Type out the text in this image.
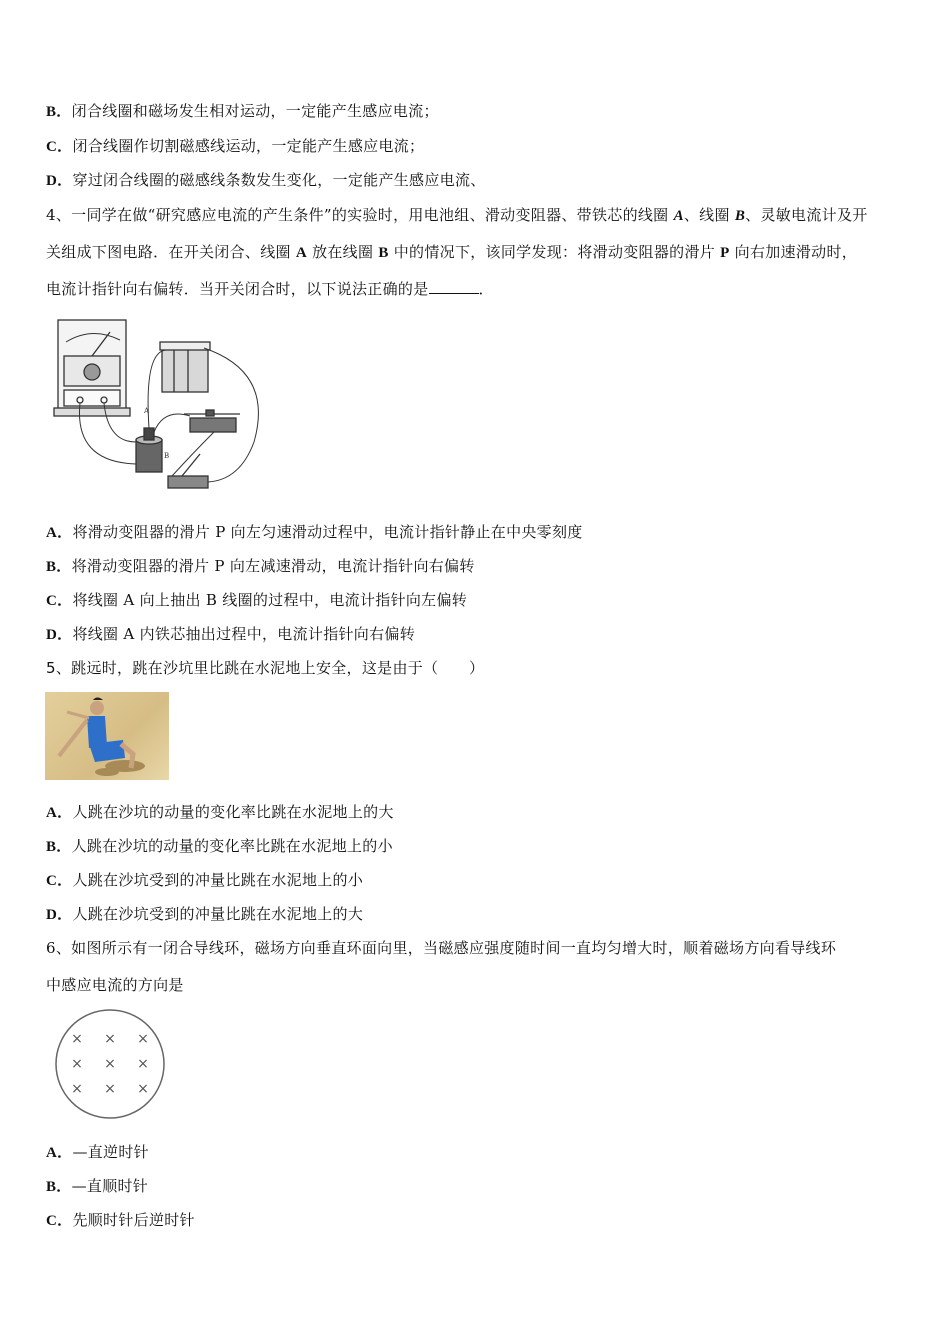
B．闭合线圈和磁场发生相对运动，一定能产生感应电流；
C．闭合线圈作切割磁感线运动，一定能产生感应电流；
D．穿过闭合线圈的磁感线条数发生变化，一定能产生感应电流、
4、一同学在做“研究感应电流的产生条件”的实验时，用电池组、滑动变阻器、带铁芯的线圈 A、线圈 B、灵敏电流计及开
关组成下图电路．在开关闭合、线圈 A 放在线圈 B 中的情况下，该同学发现：将滑动变阻器的滑片 P 向右加速滑动时，
电流计指针向右偏转．当开关闭合时，以下说法正确的是	．
A
B
A．将滑动变阻器的滑片 P 向左匀速滑动过程中，电流计指针静止在中央零刻度
B．将滑动变阻器的滑片 P 向左减速滑动，电流计指针向右偏转
C．将线圈 A 向上抽出 B 线圈的过程中，电流计指针向左偏转
D．将线圈 A 内铁芯抽出过程中，电流计指针向右偏转
5、跳远时，跳在沙坑里比跳在水泥地上安全，这是由于（　　）
A．人跳在沙坑的动量的变化率比跳在水泥地上的大
B．人跳在沙坑的动量的变化率比跳在水泥地上的小
C．人跳在沙坑受到的冲量比跳在水泥地上的小
D．人跳在沙坑受到的冲量比跳在水泥地上的大
6、如图所示有一闭合导线环，磁场方向垂直环面向里，当磁感应强度随时间一直均匀增大时，顺着磁场方向看导线环
中感应电流的方向是
× × ×
× × ×
× × ×
A．—直逆时针
B．—直顺时针
C．先顺时针后逆时针
